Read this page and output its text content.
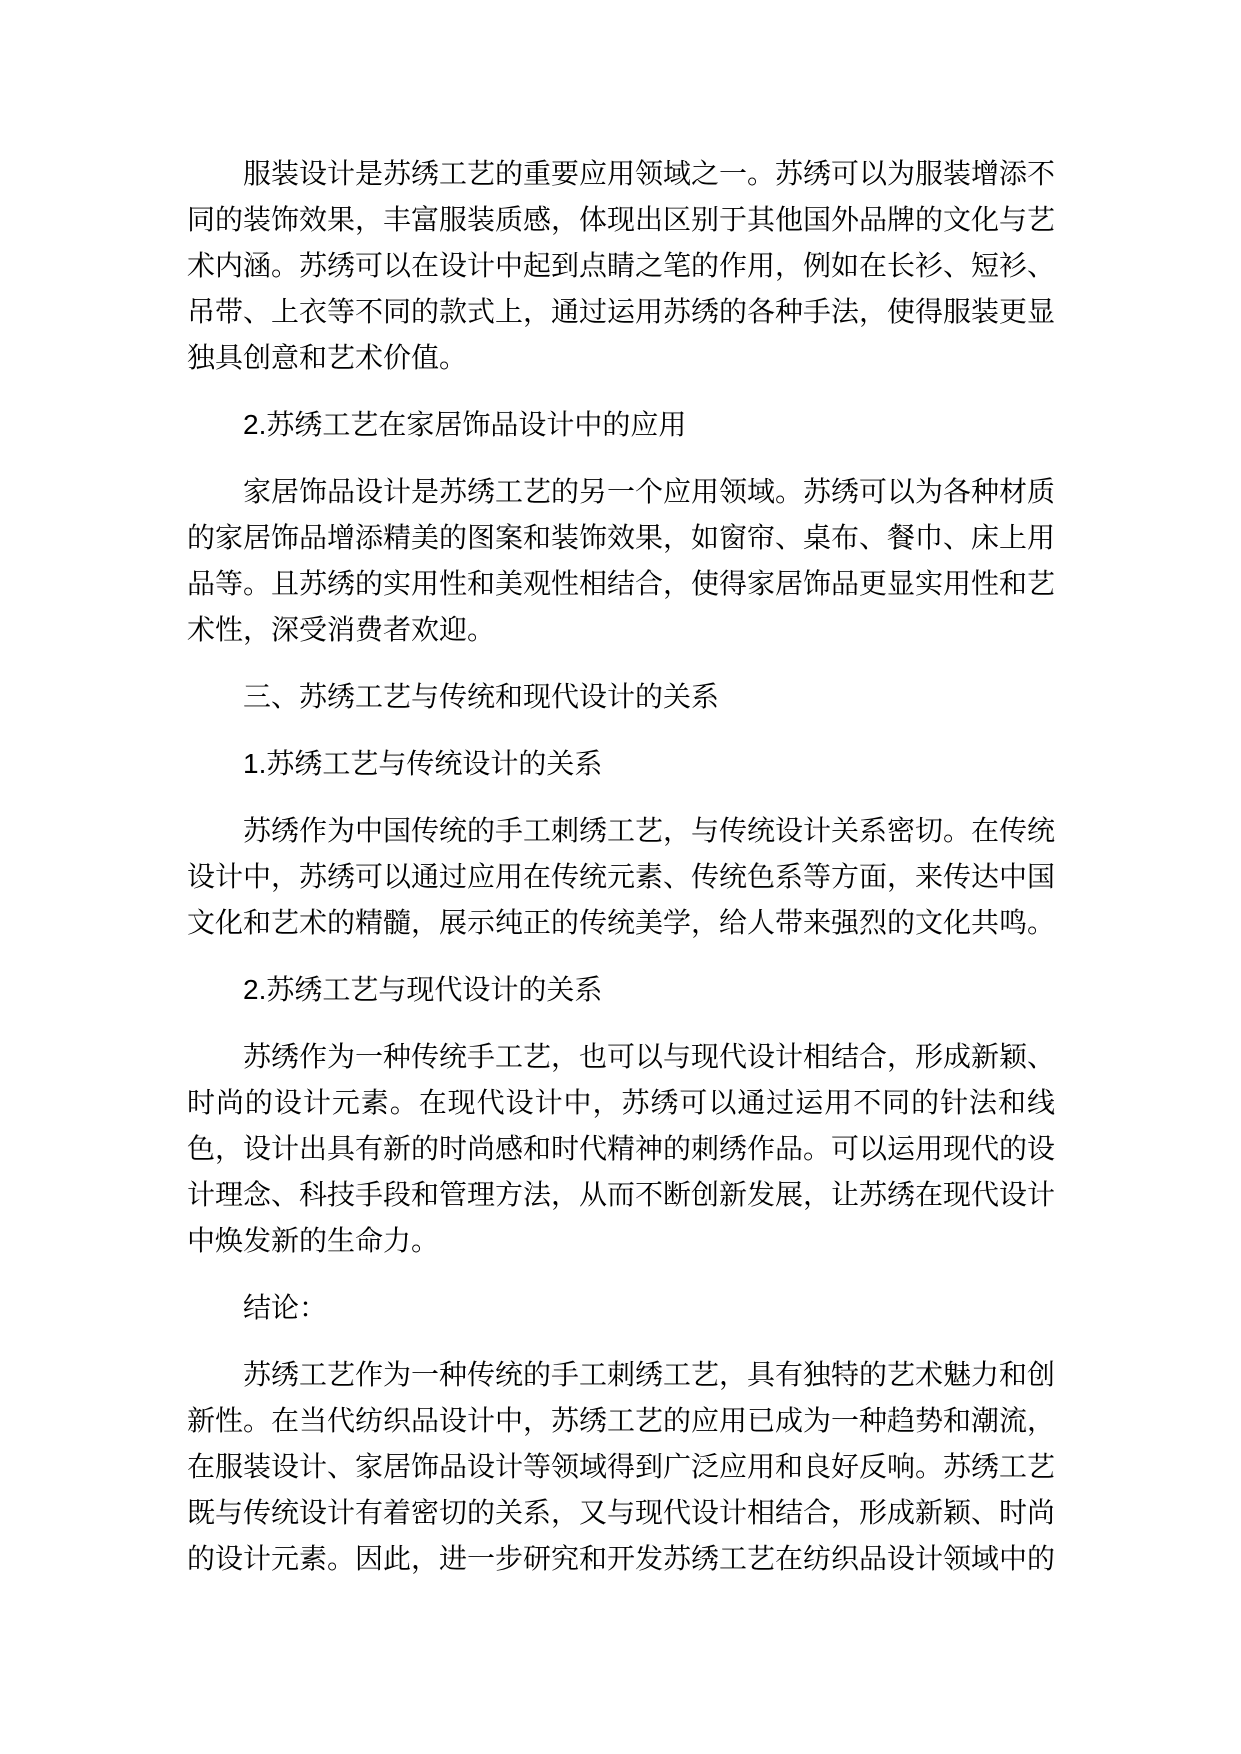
服装设计是苏绣工艺的重要应用领域之一。苏绣可以为服装增添不同的装饰效果，丰富服装质感，体现出区别于其他国外品牌的文化与艺术内涵。苏绣可以在设计中起到点睛之笔的作用，例如在长衫、短衫、吊带、上衣等不同的款式上，通过运用苏绣的各种手法，使得服装更显独具创意和艺术价值。

2.苏绣工艺在家居饰品设计中的应用

家居饰品设计是苏绣工艺的另一个应用领域。苏绣可以为各种材质的家居饰品增添精美的图案和装饰效果，如窗帘、桌布、餐巾、床上用品等。且苏绣的实用性和美观性相结合，使得家居饰品更显实用性和艺术性，深受消费者欢迎。

三、苏绣工艺与传统和现代设计的关系

1.苏绣工艺与传统设计的关系

苏绣作为中国传统的手工刺绣工艺，与传统设计关系密切。在传统设计中，苏绣可以通过应用在传统元素、传统色系等方面，来传达中国文化和艺术的精髓，展示纯正的传统美学，给人带来强烈的文化共鸣。

2.苏绣工艺与现代设计的关系

苏绣作为一种传统手工艺，也可以与现代设计相结合，形成新颖、时尚的设计元素。在现代设计中，苏绣可以通过运用不同的针法和线色，设计出具有新的时尚感和时代精神的刺绣作品。可以运用现代的设计理念、科技手段和管理方法，从而不断创新发展，让苏绣在现代设计中焕发新的生命力。

结论：

苏绣工艺作为一种传统的手工刺绣工艺，具有独特的艺术魅力和创新性。在当代纺织品设计中，苏绣工艺的应用已成为一种趋势和潮流，在服装设计、家居饰品设计等领域得到广泛应用和良好反响。苏绣工艺既与传统设计有着密切的关系，又与现代设计相结合，形成新颖、时尚的设计元素。因此，进一步研究和开发苏绣工艺在纺织品设计领域中的
